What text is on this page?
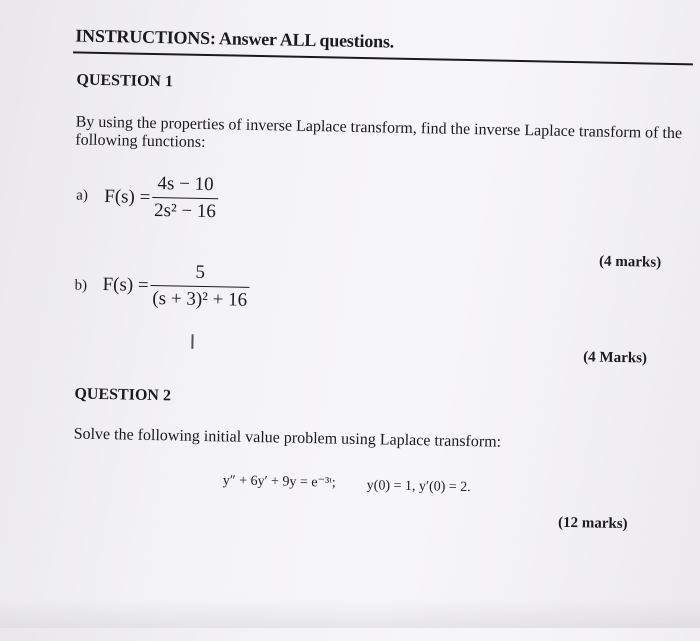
INSTRUCTIONS: Answer ALL questions.
QUESTION 1
By using the properties of inverse Laplace transform, find the inverse Laplace transform of the following functions:
a) $F(s) = \frac{4s - 10}{\text{2s² − 16}}$
(4 marks)
b) $F(s) = \frac{5}{\text{(s + 3)² + 16}}$
I
(4 Marks)
QUESTION 2
Solve the following initial value problem using Laplace transform:
y″ + 6y′ + 9y = e⁻³ᵗ; y(0) = 1, y′(0) = 2.
(12 marks)
